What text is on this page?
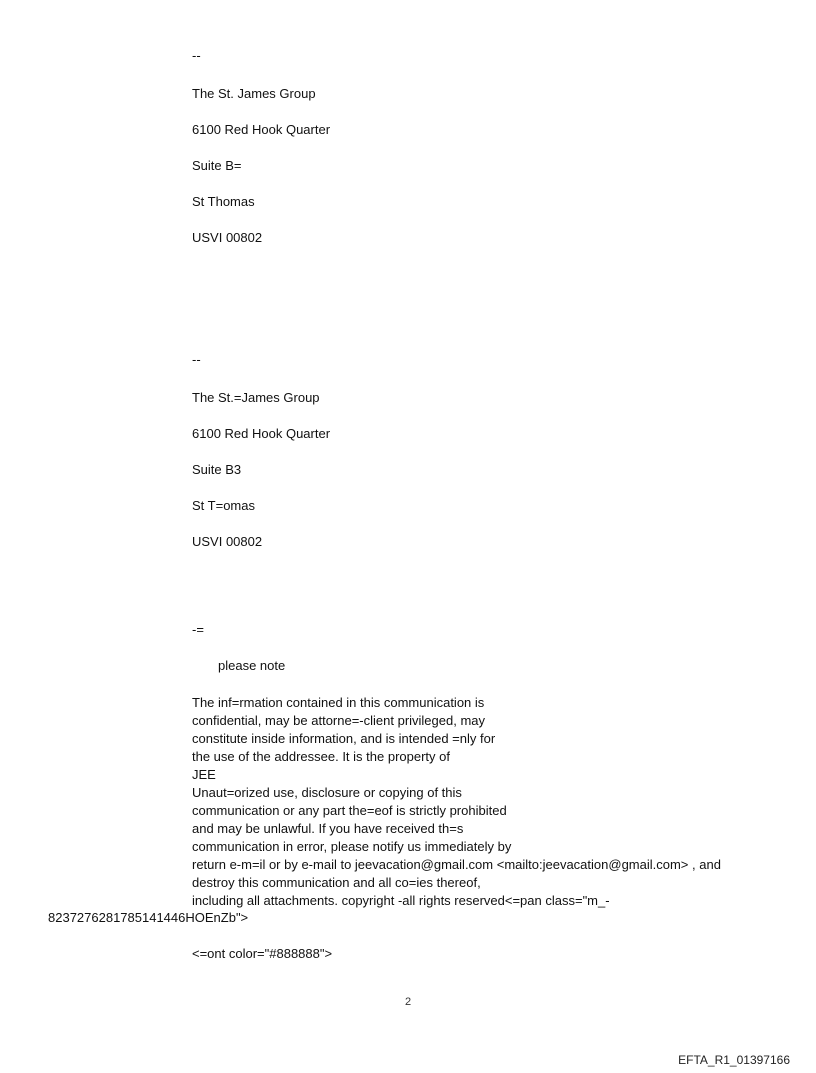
--
The St. James Group
6100 Red Hook Quarter
Suite B=
St Thomas
USVI 00802
--
The St.=James Group
6100 Red Hook Quarter
Suite B3
St T=omas
USVI 00802
-=
please note
The inf=rmation contained in this communication is
confidential, may be attorne=-client privileged, may
constitute inside information, and is intended =nly for
the use of the addressee. It is the property of
JEE
Unaut=orized use, disclosure or copying of this
communication or any part the=eof is strictly prohibited
and may be unlawful. If you have received th=s
communication in error, please notify us immediately by
return e-m=il or by e-mail to jeevacation@gmail.com <mailto:jeevacation@gmail.com> , and
destroy this communication and all co=ies thereof,
including all attachments. copyright -all rights reserved<=pan class="m_-
8237276281785141446HOEnZb">
<=ont color="#888888">
2
EFTA_R1_01397166
